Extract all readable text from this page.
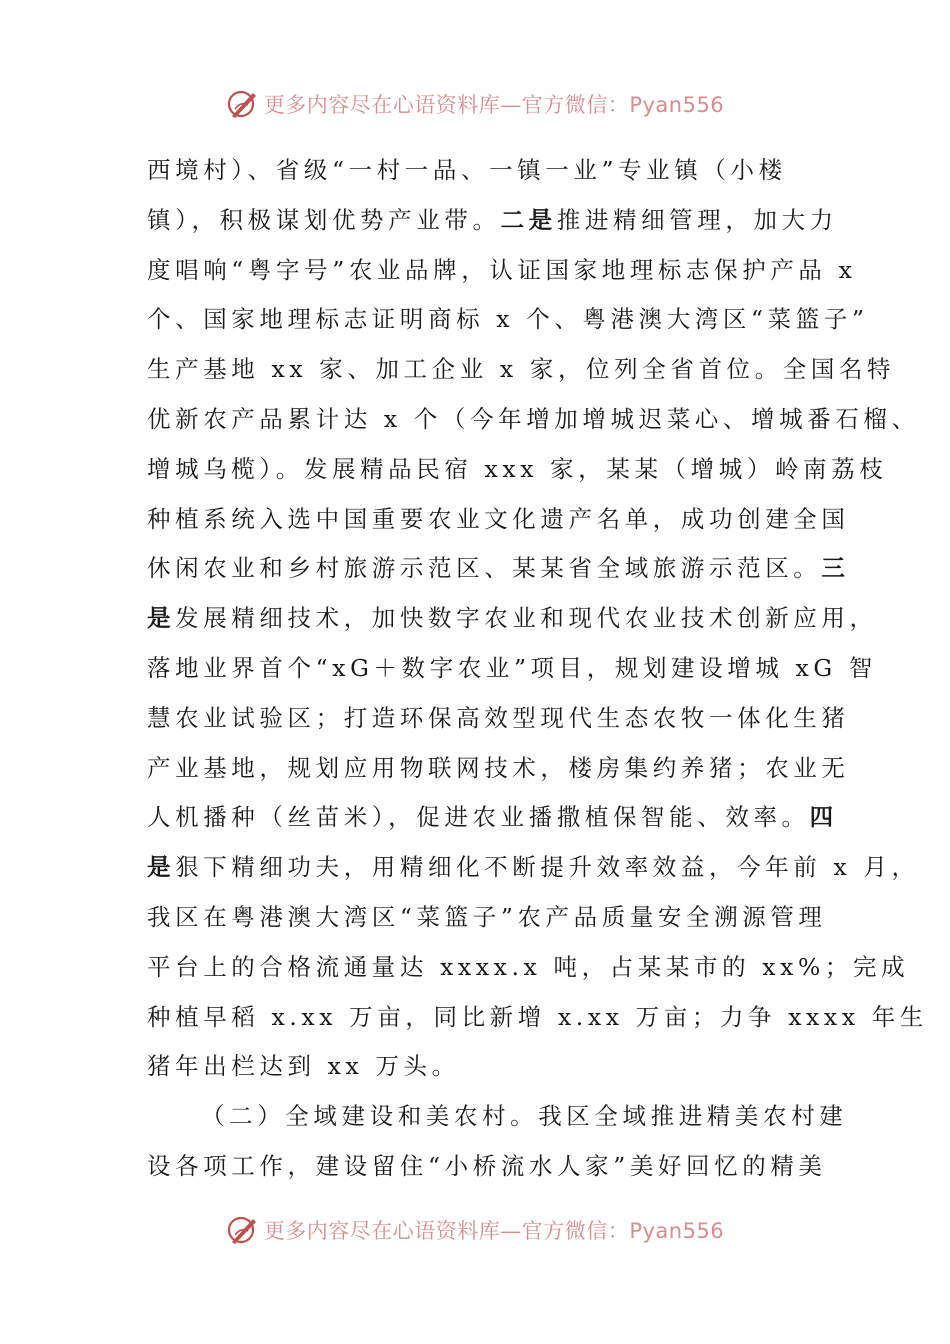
更多内容尽在心语资料库—官方微信：Pyan556
西境村）、省级“一村一品、一镇一业”专业镇（小楼
镇），积极谋划优势产业带。二是推进精细管理，加大力
度唱响“粤字号”农业品牌，认证国家地理标志保护产品 x
个、国家地理标志证明商标 x 个、粤港澳大湾区“菜篮子”
生产基地 xx 家、加工企业 x 家，位列全省首位。全国名特
优新农产品累计达 x 个（今年增加增城迟菜心、增城番石榴、
增城乌榄）。发展精品民宿 xxx 家，某某（增城）岭南荔枝
种植系统入选中国重要农业文化遗产名单，成功创建全国
休闲农业和乡村旅游示范区、某某省全域旅游示范区。三
是发展精细技术，加快数字农业和现代农业技术创新应用，
落地业界首个“xG＋数字农业”项目，规划建设增城 xG 智
慧农业试验区；打造环保高效型现代生态农牧一体化生猪
产业基地，规划应用物联网技术，楼房集约养猪；农业无
人机播种（丝苗米），促进农业播撒植保智能、效率。四
是狠下精细功夫，用精细化不断提升效率效益，今年前 x 月，
我区在粤港澳大湾区“菜篮子”农产品质量安全溯源管理
平台上的合格流通量达 xxxx.x 吨，占某某市的 xx%；完成
种植早稻 x.xx 万亩，同比新增 x.xx 万亩；力争 xxxx 年生
猪年出栏达到 xx 万头。
（二）全域建设和美农村。我区全域推进精美农村建
设各项工作，建设留住“小桥流水人家”美好回忆的精美
更多内容尽在心语资料库—官方微信：Pyan556
